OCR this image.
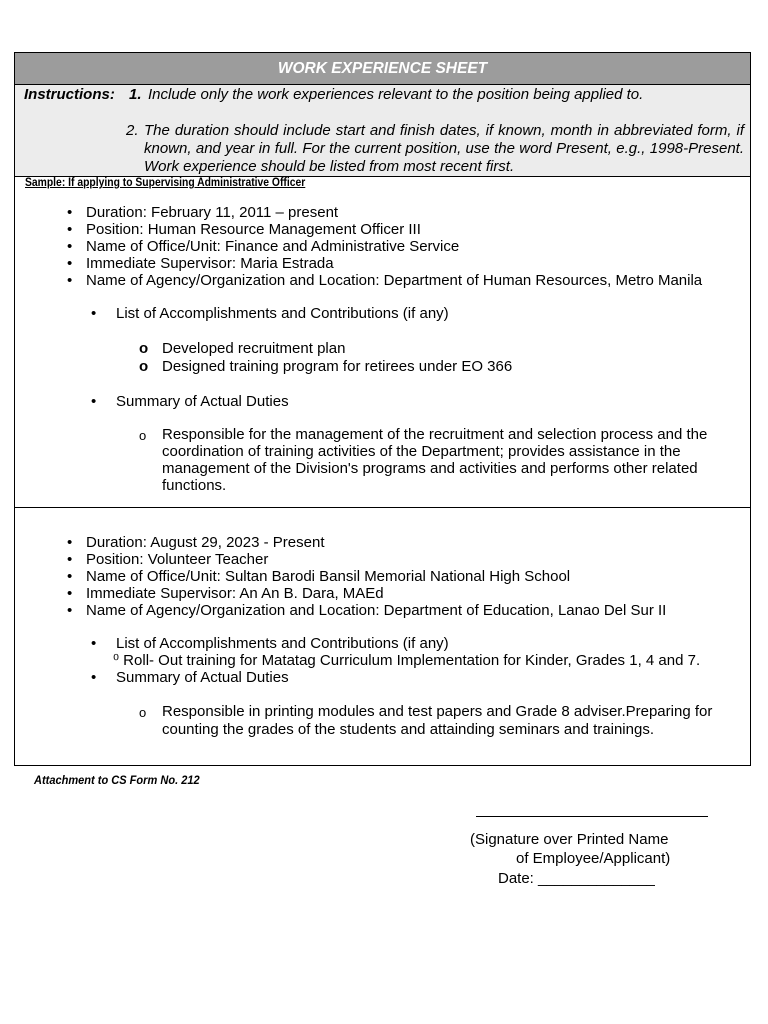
WORK EXPERIENCE SHEET
Instructions: 1. Include only the work experiences relevant to the position being applied to.
2. The duration should include start and finish dates, if known, month in abbreviated form, if known, and year in full. For the current position, use the word Present, e.g., 1998-Present. Work experience should be listed from most recent first.
Sample: If applying to Supervising Administrative Officer
• Duration: February 11, 2011 – present
• Position: Human Resource Management Officer III
• Name of Office/Unit: Finance and Administrative Service
• Immediate Supervisor: Maria Estrada
• Name of Agency/Organization and Location: Department of Human Resources, Metro Manila
• List of Accomplishments and Contributions (if any)
o Developed recruitment plan
o Designed training program for retirees under EO 366
• Summary of Actual Duties
o Responsible for the management of the recruitment and selection process and the coordination of training activities of the Department; provides assistance in the management of the Division's programs and activities and performs other related functions.
• Duration: August 29, 2023 - Present
• Position: Volunteer Teacher
• Name of Office/Unit: Sultan Barodi Bansil Memorial National High School
• Immediate Supervisor: An An B. Dara, MAEd
• Name of Agency/Organization and Location: Department of Education, Lanao Del Sur II
• List of Accomplishments and Contributions (if any)
⁰ Roll- Out training for Matatag Curriculum Implementation for Kinder, Grades 1, 4 and 7.
• Summary of Actual Duties
o Responsible in printing modules and test papers and Grade 8 adviser.Preparing for counting the grades of the students and attainding seminars and trainings.
Attachment to CS Form No. 212
(Signature over Printed Name
of Employee/Applicant)
Date: ______________
